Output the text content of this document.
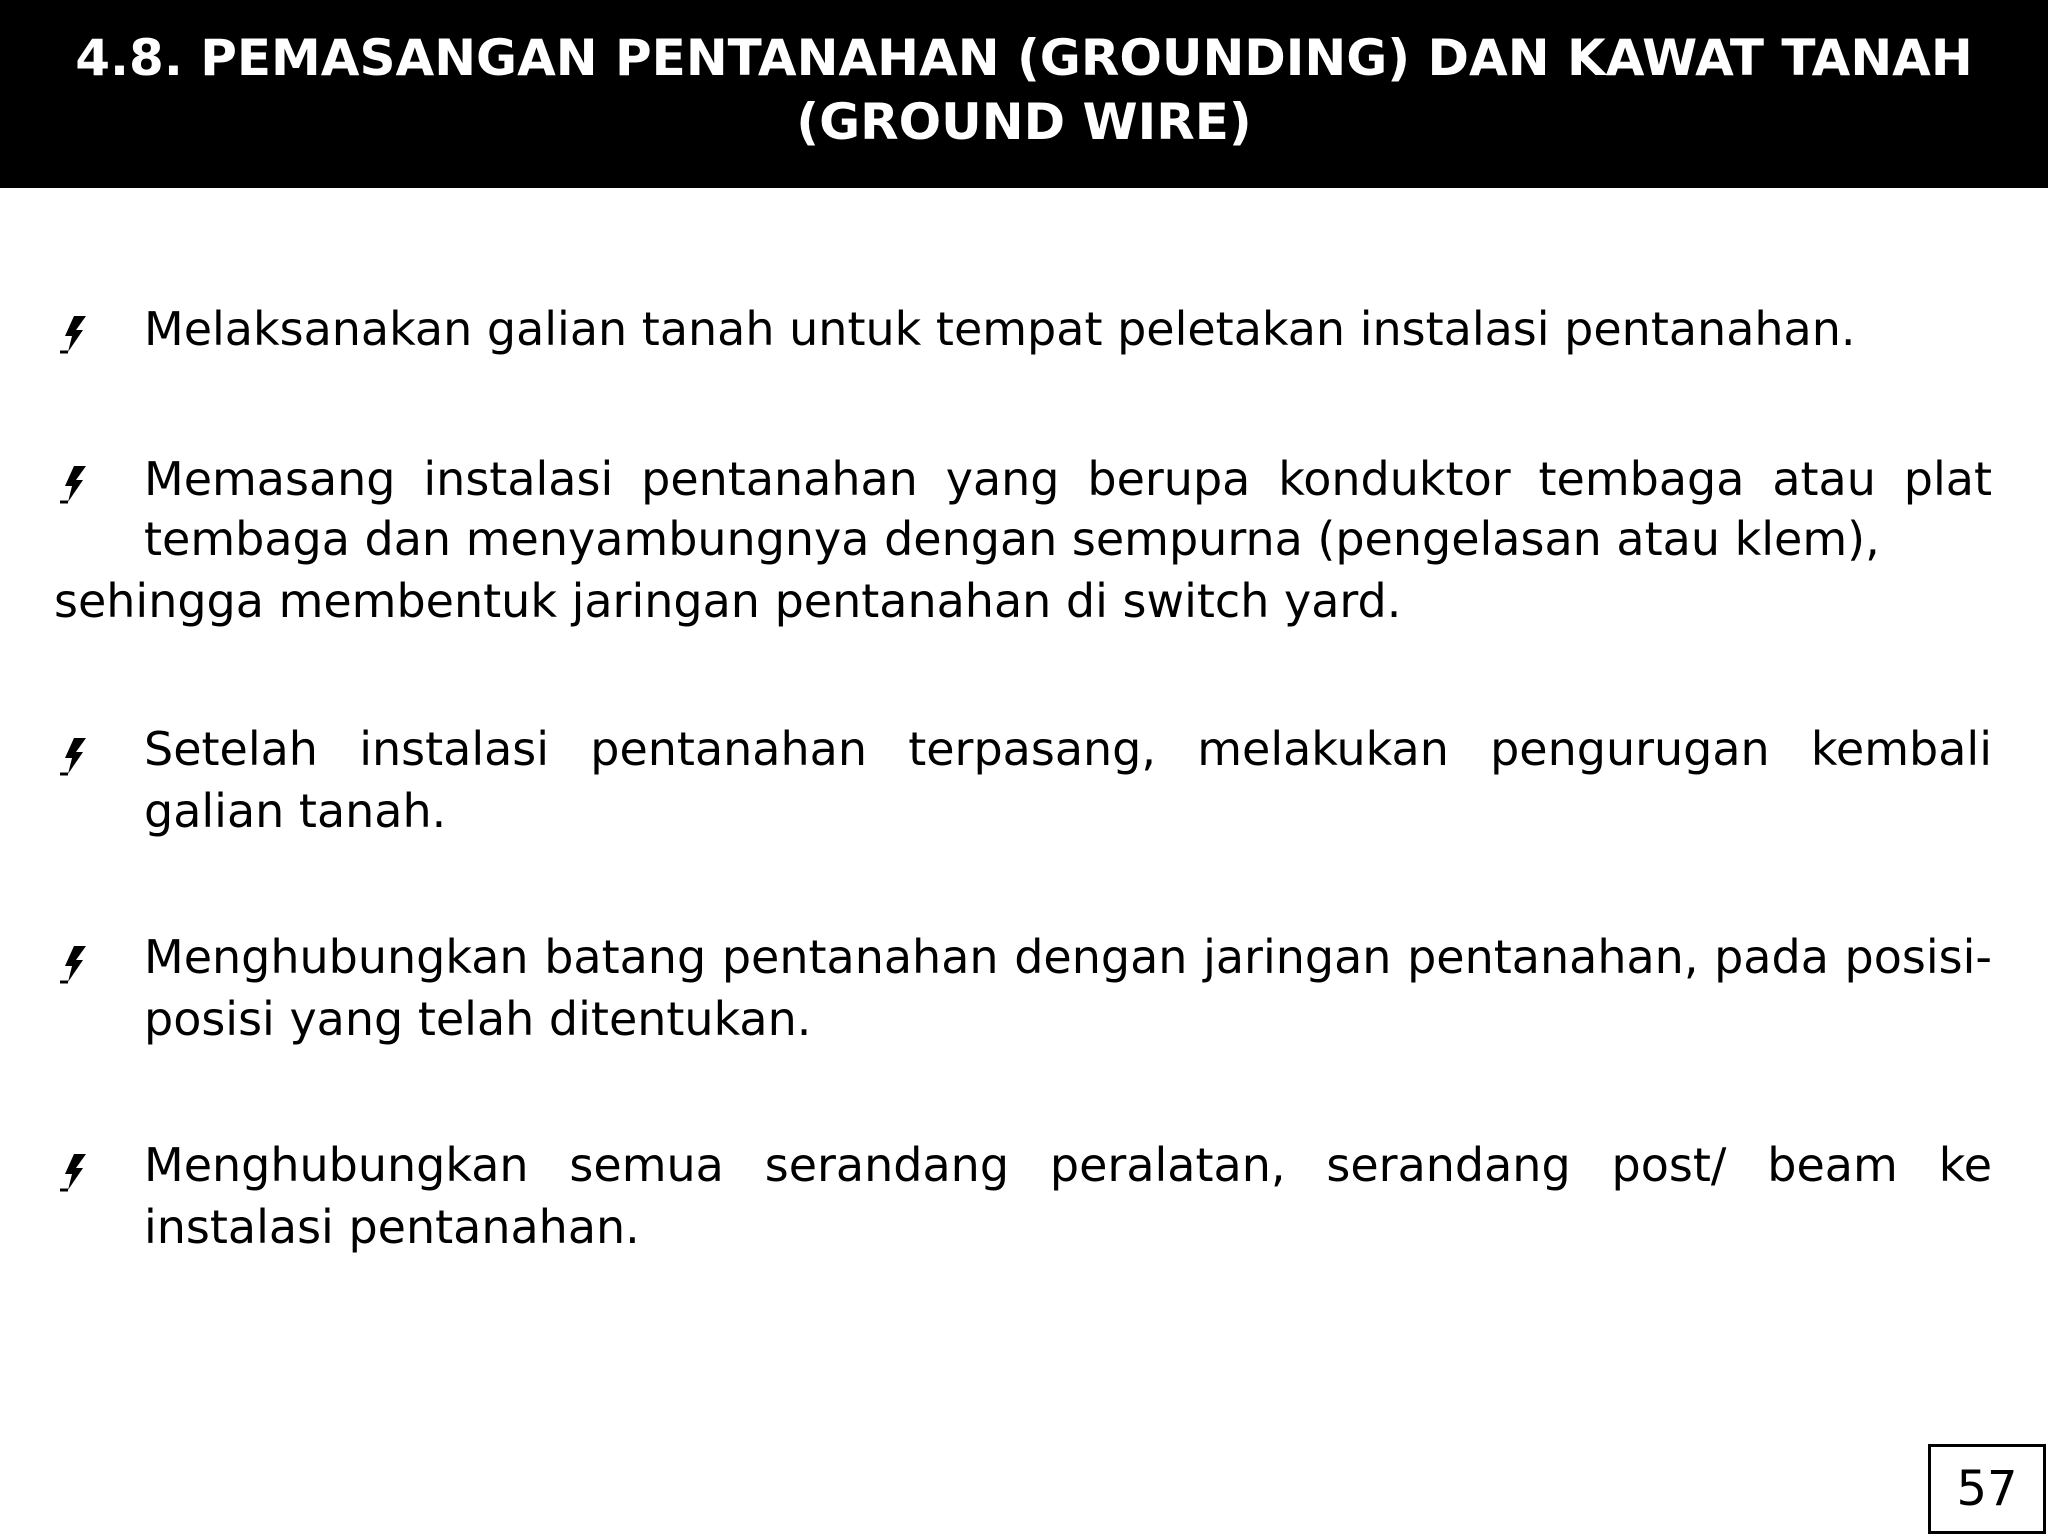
4.8. PEMASANGAN PENTANAHAN (GROUNDING) DAN KAWAT TANAH
(GROUND WIRE)
Melaksanakan galian tanah untuk tempat peletakan instalasi pentanahan.
Memasang instalasi pentanahan yang berupa konduktor tembaga atau plat
tembaga dan menyambungnya dengan sempurna (pengelasan atau klem),
sehingga membentuk jaringan pentanahan di switch yard.
Setelah instalasi pentanahan terpasang, melakukan pengurugan kembali
galian tanah.
Menghubungkan batang pentanahan dengan jaringan pentanahan, pada posisi-
posisi yang telah ditentukan.
Menghubungkan semua serandang peralatan, serandang post/ beam ke
instalasi pentanahan.
57
